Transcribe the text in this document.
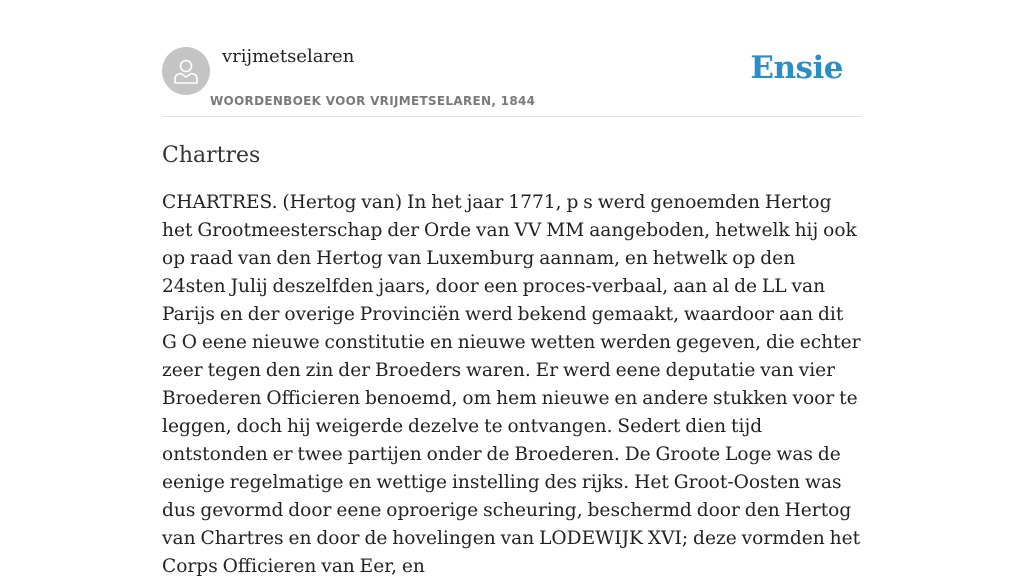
vrijmetselaren
WOORDENBOEK VOOR VRIJMETSELAREN, 1844
Ensie
Chartres
CHARTRES. (Hertog van) In het jaar 1771, p s werd genoemden Hertog het Grootmeesterschap der Orde van VV MM aangeboden, hetwelk hij ook op raad van den Hertog van Luxemburg aannam, en hetwelk op den 24sten Julij deszelfden jaars, door een proces-verbaal, aan al de LL van Parijs en der overige Provinciën werd bekend gemaakt, waardoor aan dit G O eene nieuwe constitutie en nieuwe wetten werden gegeven, die echter zeer tegen den zin der Broeders waren. Er werd eene deputatie van vier Broederen Officieren benoemd, om hem nieuwe en andere stukken voor te leggen, doch hij weigerde dezelve te ontvangen. Sedert dien tijd ontstonden er twee partijen onder de Broederen. De Groote Loge was de eenige regelmatige en wettige instelling des rijks. Het Groot-Oosten was dus gevormd door eene oproerige scheuring, beschermd door den Hertog van Chartres en door de hovelingen van LODEWIJK XVI; deze vormden het Corps Officieren van Eer, en
